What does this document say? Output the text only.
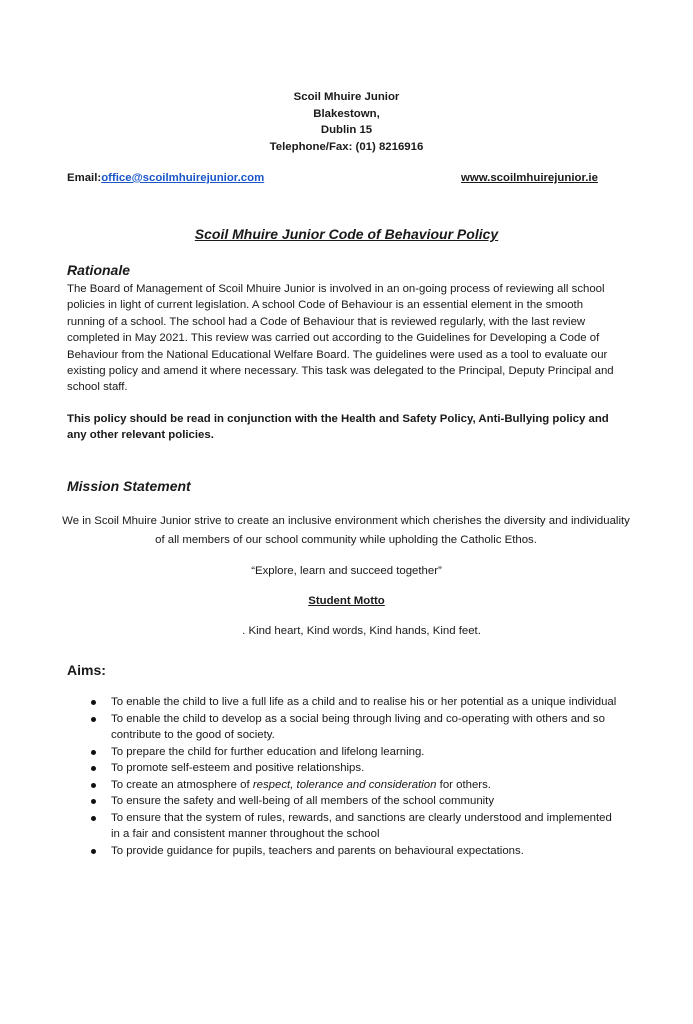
Scoil Mhuire Junior
Blakestown,
Dublin 15
Telephone/Fax: (01) 8216916
Email:office@scoilmhuirejunior.com	www.scoilmhuirejunior.ie
Scoil Mhuire Junior Code of Behaviour Policy
Rationale
The Board of Management of Scoil Mhuire Junior is involved in an on-going process of reviewing all school policies in light of current legislation. A school Code of Behaviour is an essential element in the smooth running of a school. The school had a Code of Behaviour that is reviewed regularly, with the last review completed in May 2021. This review was carried out according to the Guidelines for Developing a Code of Behaviour from the National Educational Welfare Board. The guidelines were used as a tool to evaluate our existing policy and amend it where necessary. This task was delegated to the Principal, Deputy Principal and school staff.
This policy should be read in conjunction with the Health and Safety Policy, Anti-Bullying policy and any other relevant policies.
Mission Statement
We in Scoil Mhuire Junior strive to create an inclusive environment which cherishes the diversity and individuality of all members of our school community while upholding the Catholic Ethos.
“Explore, learn and succeed together”
Student Motto
. Kind heart, Kind words, Kind hands, Kind feet.
Aims:
To enable the child to live a full life as a child and to realise his or her potential as a unique individual
To enable the child to develop as a social being through living and co-operating with others and so contribute to the good of society.
To prepare the child for further education and lifelong learning.
To promote self-esteem and positive relationships.
To create an atmosphere of respect, tolerance and consideration for others.
To ensure the safety and well-being of all members of the school community
To ensure that the system of rules, rewards, and sanctions are clearly understood and implemented in a fair and consistent manner throughout the school
To provide guidance for pupils, teachers and parents on behavioural expectations.
